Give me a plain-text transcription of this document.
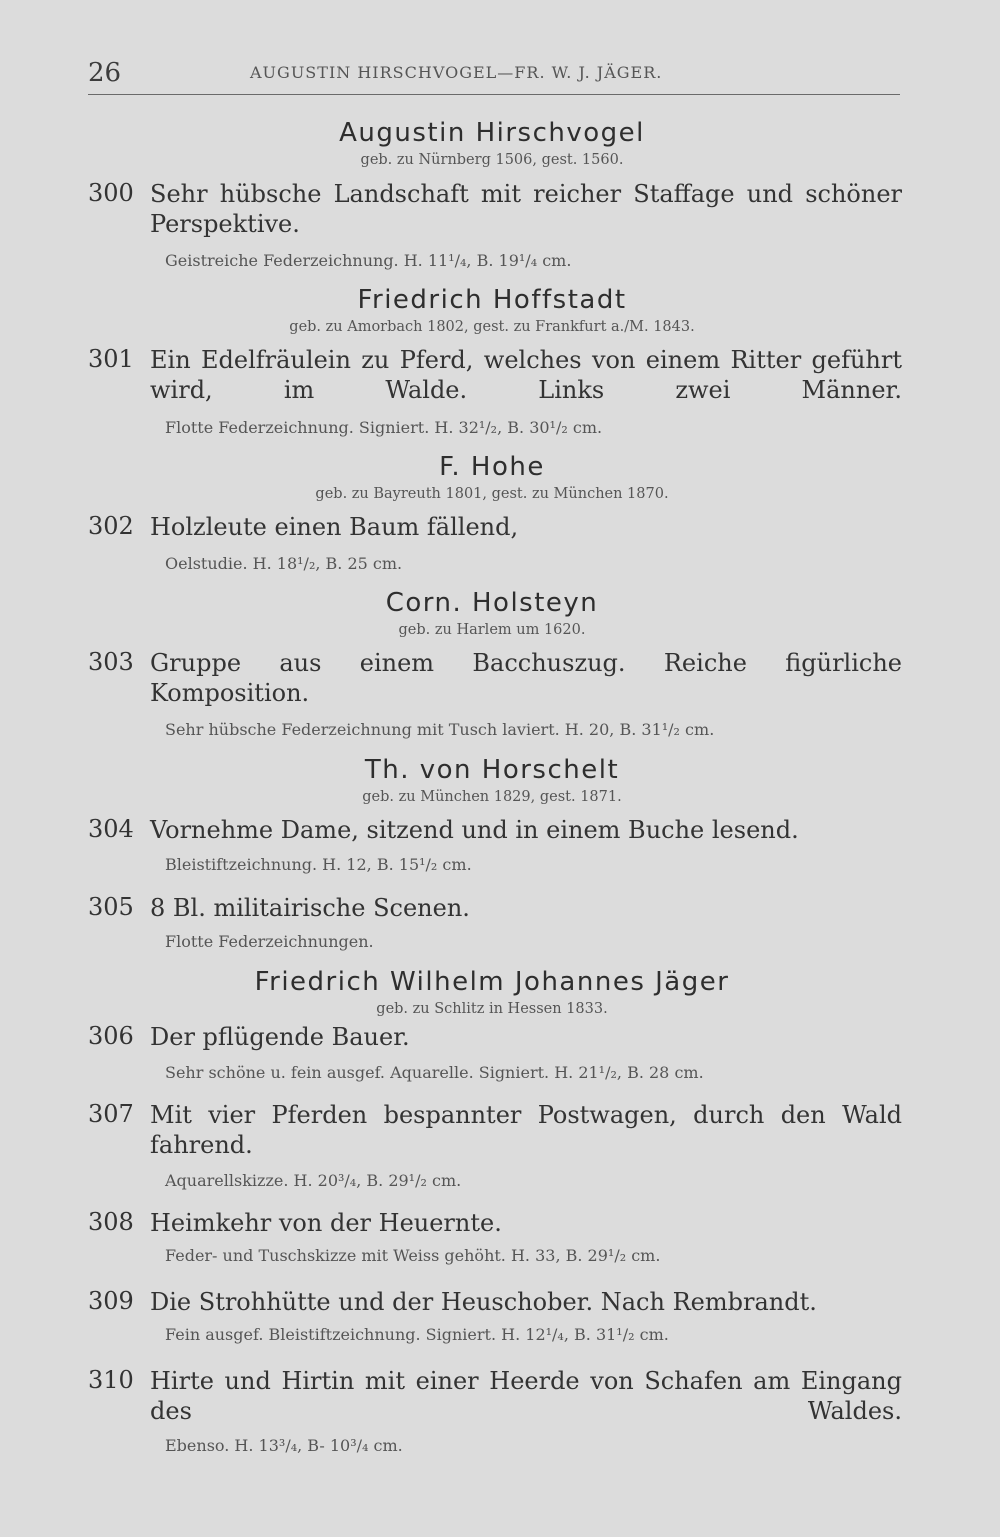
26	AUGUSTIN HIRSCHVOGEL—FR. W. J. JÄGER.
Augustin Hirschvogel
geb. zu Nürnberg 1506, gest. 1560.
300 Sehr hübsche Landschaft mit reicher Staffage und schöner Perspektive.
Geistreiche Federzeichnung. H. 11¹/₄, B. 19¹/₄ cm.
Friedrich Hoffstadt
geb. zu Amorbach 1802, gest. zu Frankfurt a./M. 1843.
301 Ein Edelfräulein zu Pferd, welches von einem Ritter geführt wird, im Walde. Links zwei Männer.
Flotte Federzeichnung. Signiert. H. 32¹/₂, B. 30¹/₂ cm.
F. Hohe
geb. zu Bayreuth 1801, gest. zu München 1870.
302 Holzleute einen Baum fällend,
Oelstudie. H. 18¹/₂, B. 25 cm.
Corn. Holsteyn
geb. zu Harlem um 1620.
303 Gruppe aus einem Bacchuszug. Reiche figürliche Komposition.
Sehr hübsche Federzeichnung mit Tusch laviert. H. 20, B. 31¹/₂ cm.
Th. von Horschelt
geb. zu München 1829, gest. 1871.
304 Vornehme Dame, sitzend und in einem Buche lesend.
Bleistiftzeichnung. H. 12, B. 15¹/₂ cm.
305 8 Bl. militairische Scenen.
Flotte Federzeichnungen.
Friedrich Wilhelm Johannes Jäger
geb. zu Schlitz in Hessen 1833.
306 Der pflügende Bauer.
Sehr schöne u. fein ausgef. Aquarelle. Signiert. H. 21¹/₂, B. 28 cm.
307 Mit vier Pferden bespannter Postwagen, durch den Wald fahrend.
Aquarellskizze. H. 20³/₄, B. 29¹/₂ cm.
308 Heimkehr von der Heuernte.
Feder- und Tuschskizze mit Weiss gehöht. H. 33, B. 29¹/₂ cm.
309 Die Strohhütte und der Heuschober. Nach Rembrandt.
Fein ausgef. Bleistiftzeichnung. Signiert. H. 12¹/₄, B. 31¹/₂ cm.
310 Hirte und Hirtin mit einer Heerde von Schafen am Eingang des Waldes.
Ebenso. H. 13³/₄, B- 10³/₄ cm.
